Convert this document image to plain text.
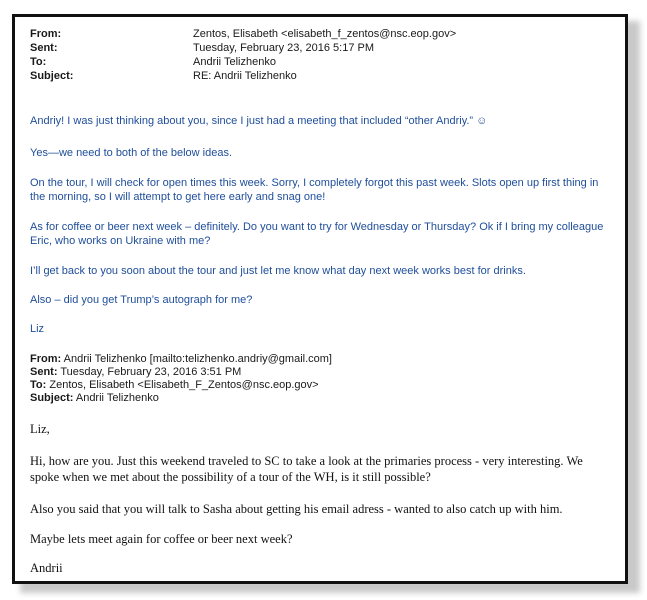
From:	Zentos, Elisabeth <elisabeth_f_zentos@nsc.eop.gov>
Sent:	Tuesday, February 23, 2016 5:17 PM
To:	Andrii Telizhenko
Subject:	RE: Andrii Telizhenko
Andriy! I was just thinking about you, since I just had a meeting that included “other Andriy.” ☺
Yes—we need to both of the below ideas.
On the tour, I will check for open times this week. Sorry, I completely forgot this past week. Slots open up first thing in the morning, so I will attempt to get here early and snag one!
As for coffee or beer next week – definitely. Do you want to try for Wednesday or Thursday? Ok if I bring my colleague Eric, who works on Ukraine with me?
I’ll get back to you soon about the tour and just let me know what day next week works best for drinks.
Also – did you get Trump’s autograph for me?
Liz
From: Andrii Telizhenko [mailto:telizhenko.andriy@gmail.com]
Sent: Tuesday, February 23, 2016 3:51 PM
To: Zentos, Elisabeth <Elisabeth_F_Zentos@nsc.eop.gov>
Subject: Andrii Telizhenko
Liz,
Hi, how are you. Just this weekend traveled to SC to take a look at the primaries process - very interesting. We spoke when we met about the possibility of a tour of the WH, is it still possible?
Also you said that you will talk to Sasha about getting his email adress - wanted to also catch up with him.
Maybe lets meet again for coffee or beer next week?
Andrii
